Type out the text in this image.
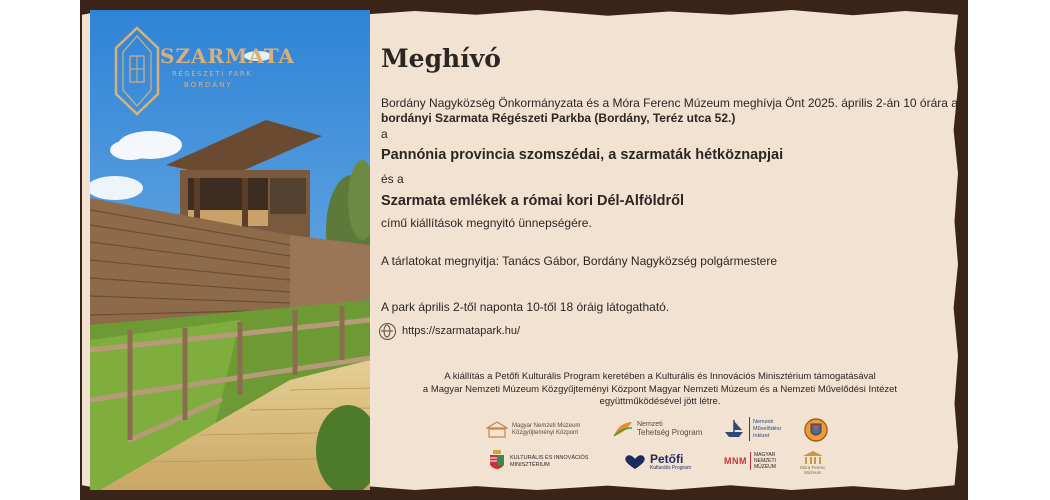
SZARMATA
RÉGÉSZETI PARK
BORDÁNY
Meghívó
Bordány Nagyközség Önkormányzata és a Móra Ferenc Múzeum meghívja Önt 2025. április 2-án 10 órára a
bordányi Szarmata Régészeti Parkba (Bordány, Teréz utca 52.)
a
Pannónia provincia szomszédai, a szarmaták hétköznapjai
és a
Szarmata emlékek a római kori Dél-Alföldről
című kiállítások megnyitó ünnepségére.
A tárlatokat megnyitja: Tanács Gábor, Bordány Nagyközség polgármestere
A park április 2-től naponta 10-től 18 óráig látogatható.
https://szarmatapark.hu/
A kiállítás a Petőfi Kulturális Program keretében a Kulturális és Innovációs Minisztérium támogatásával
a Magyar Nemzeti Múzeum Közgyűjteményi Központ Magyar Nemzeti Múzeum és a Nemzeti Művelődési Intézet
együttműködésével jött létre.
Magyar Nemzeti Múzeum
Közgyűjteményi Központ
Nemzeti
Tehetség Program
Nemzeti
Művelődési
Intézet
KULTURÁLIS ÉS INNOVÁCIÓS
MINISZTÉRIUM	Petőfi
Kulturális Program
MNM
MAGYAR
NEMZETI
MÚZEUM	Móra Ferenc
Múzeum
